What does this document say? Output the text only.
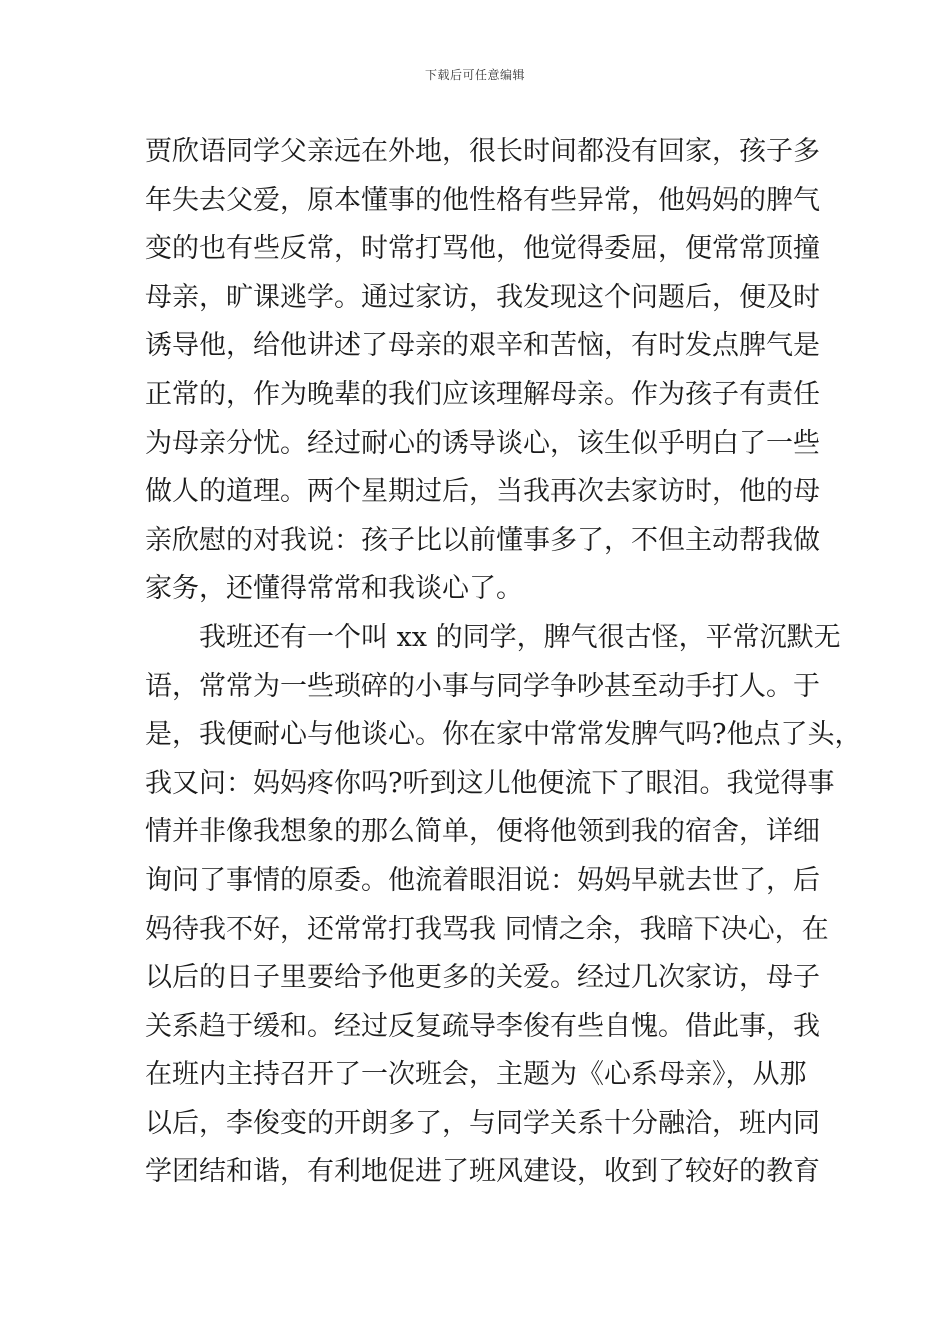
下载后可任意编辑
贾欣语同学父亲远在外地，很长时间都没有回家，孩子多
年失去父爱，原本懂事的他性格有些异常，他妈妈的脾气
变的也有些反常，时常打骂他，他觉得委屈，便常常顶撞
母亲，旷课逃学。通过家访，我发现这个问题后，便及时
诱导他，给他讲述了母亲的艰辛和苦恼，有时发点脾气是
正常的，作为晚辈的我们应该理解母亲。作为孩子有责任
为母亲分忧。经过耐心的诱导谈心，该生似乎明白了一些
做人的道理。两个星期过后，当我再次去家访时，他的母
亲欣慰的对我说：孩子比以前懂事多了，不但主动帮我做
家务，还懂得常常和我谈心了。
我班还有一个叫 xx 的同学，脾气很古怪，平常沉默无
语，常常为一些琐碎的小事与同学争吵甚至动手打人。于
是，我便耐心与他谈心。你在家中常常发脾气吗?他点了头，
我又问：妈妈疼你吗?听到这儿他便流下了眼泪。我觉得事
情并非像我想象的那么简单，便将他领到我的宿舍，详细
询问了事情的原委。他流着眼泪说：妈妈早就去世了，后
妈待我不好，还常常打我骂我 同情之余，我暗下决心，在
以后的日子里要给予他更多的关爱。经过几次家访，母子
关系趋于缓和。经过反复疏导李俊有些自愧。借此事，我
在班内主持召开了一次班会，主题为《心系母亲》，从那
以后，李俊变的开朗多了，与同学关系十分融洽，班内同
学团结和谐，有利地促进了班风建设，收到了较好的教育
